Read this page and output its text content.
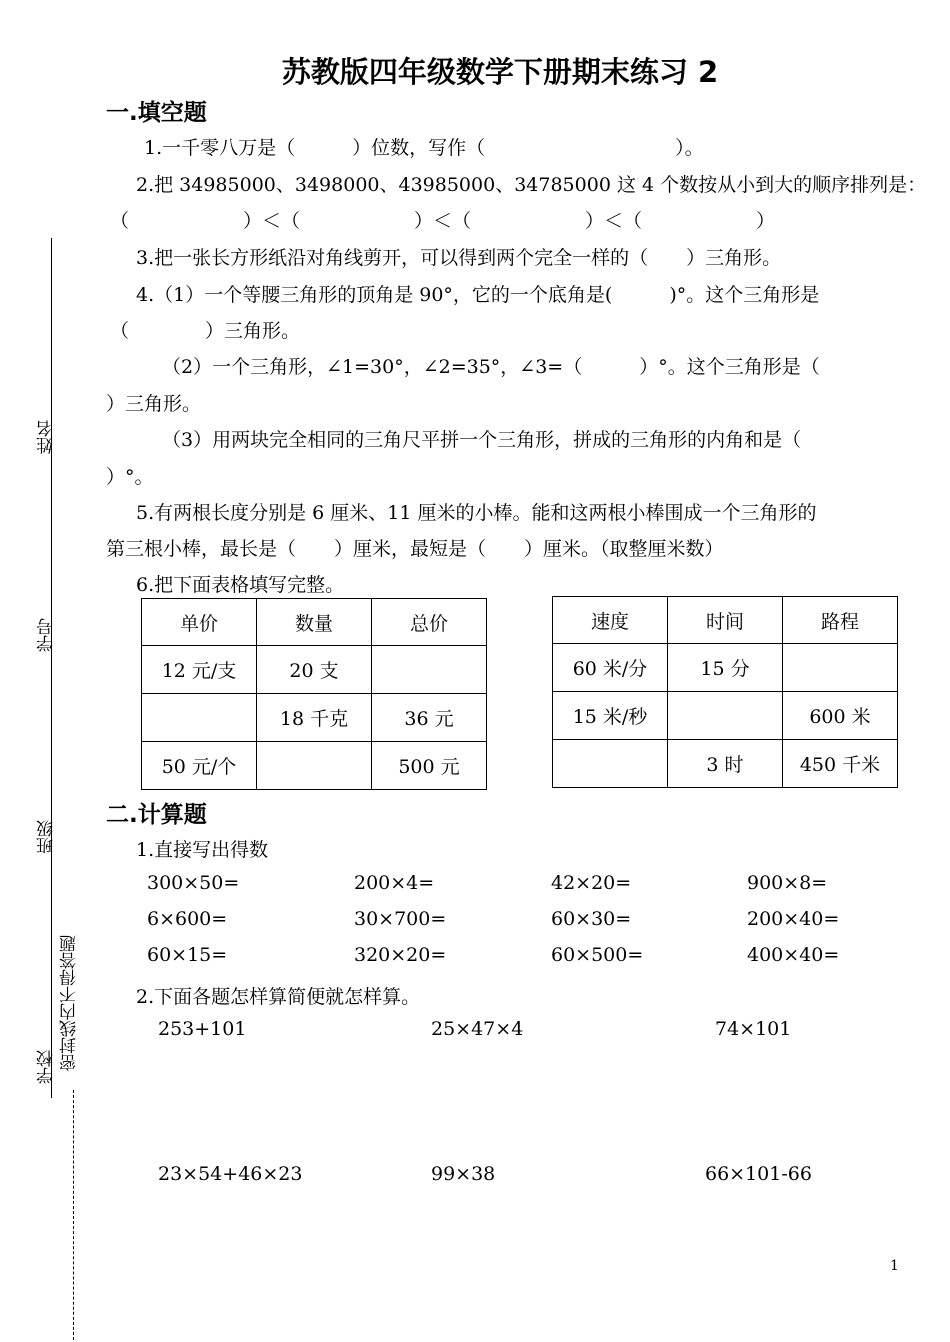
苏教版四年级数学下册期末练习 2
姓名
学号
班级
学校 密封线内不得答题
一.填空题
1.一千零八万是（　　　）位数，写作（　　　　　　　　　　）。
2.把 34985000、3498000、43985000、34785000 这 4 个数按从小到大的顺序排列是：
（　　　　　　）＜（　　　　　　）＜（　　　　　　）＜（　　　　　　）
3.把一张长方形纸沿对角线剪开，可以得到两个完全一样的（　　）三角形。
4.（1）一个等腰三角形的顶角是 90°，它的一个底角是(　　　)°。这个三角形是
（　　　　）三角形。
（2）一个三角形，∠1=30°，∠2=35°，∠3=（　　　）°。这个三角形是（
）三角形。
（3）用两块完全相同的三角尺平拼一个三角形，拼成的三角形的内角和是（
）°。
5.有两根长度分别是 6 厘米、11 厘米的小棒。能和这两根小棒围成一个三角形的
第三根小棒，最长是（　　）厘米，最短是（　　）厘米。（取整厘米数）
6.把下面表格填写完整。
单价	数量	总价
12 元/支	20 支	
	18 千克	36 元
50 元/个		500 元
速度	时间	路程
60 米/分	15 分	
15 米/秒		600 米
	3 时	450 千米
二.计算题
1.直接写出得数
300×50=	200×4=	42×20=	900×8=
6×600=	30×700=	60×30=	200×40=
60×15=	320×20=	60×500=	400×40=
2.下面各题怎样算简便就怎样算。
253+101	25×47×4	74×101
23×54+46×23	99×38	66×101-66
1
